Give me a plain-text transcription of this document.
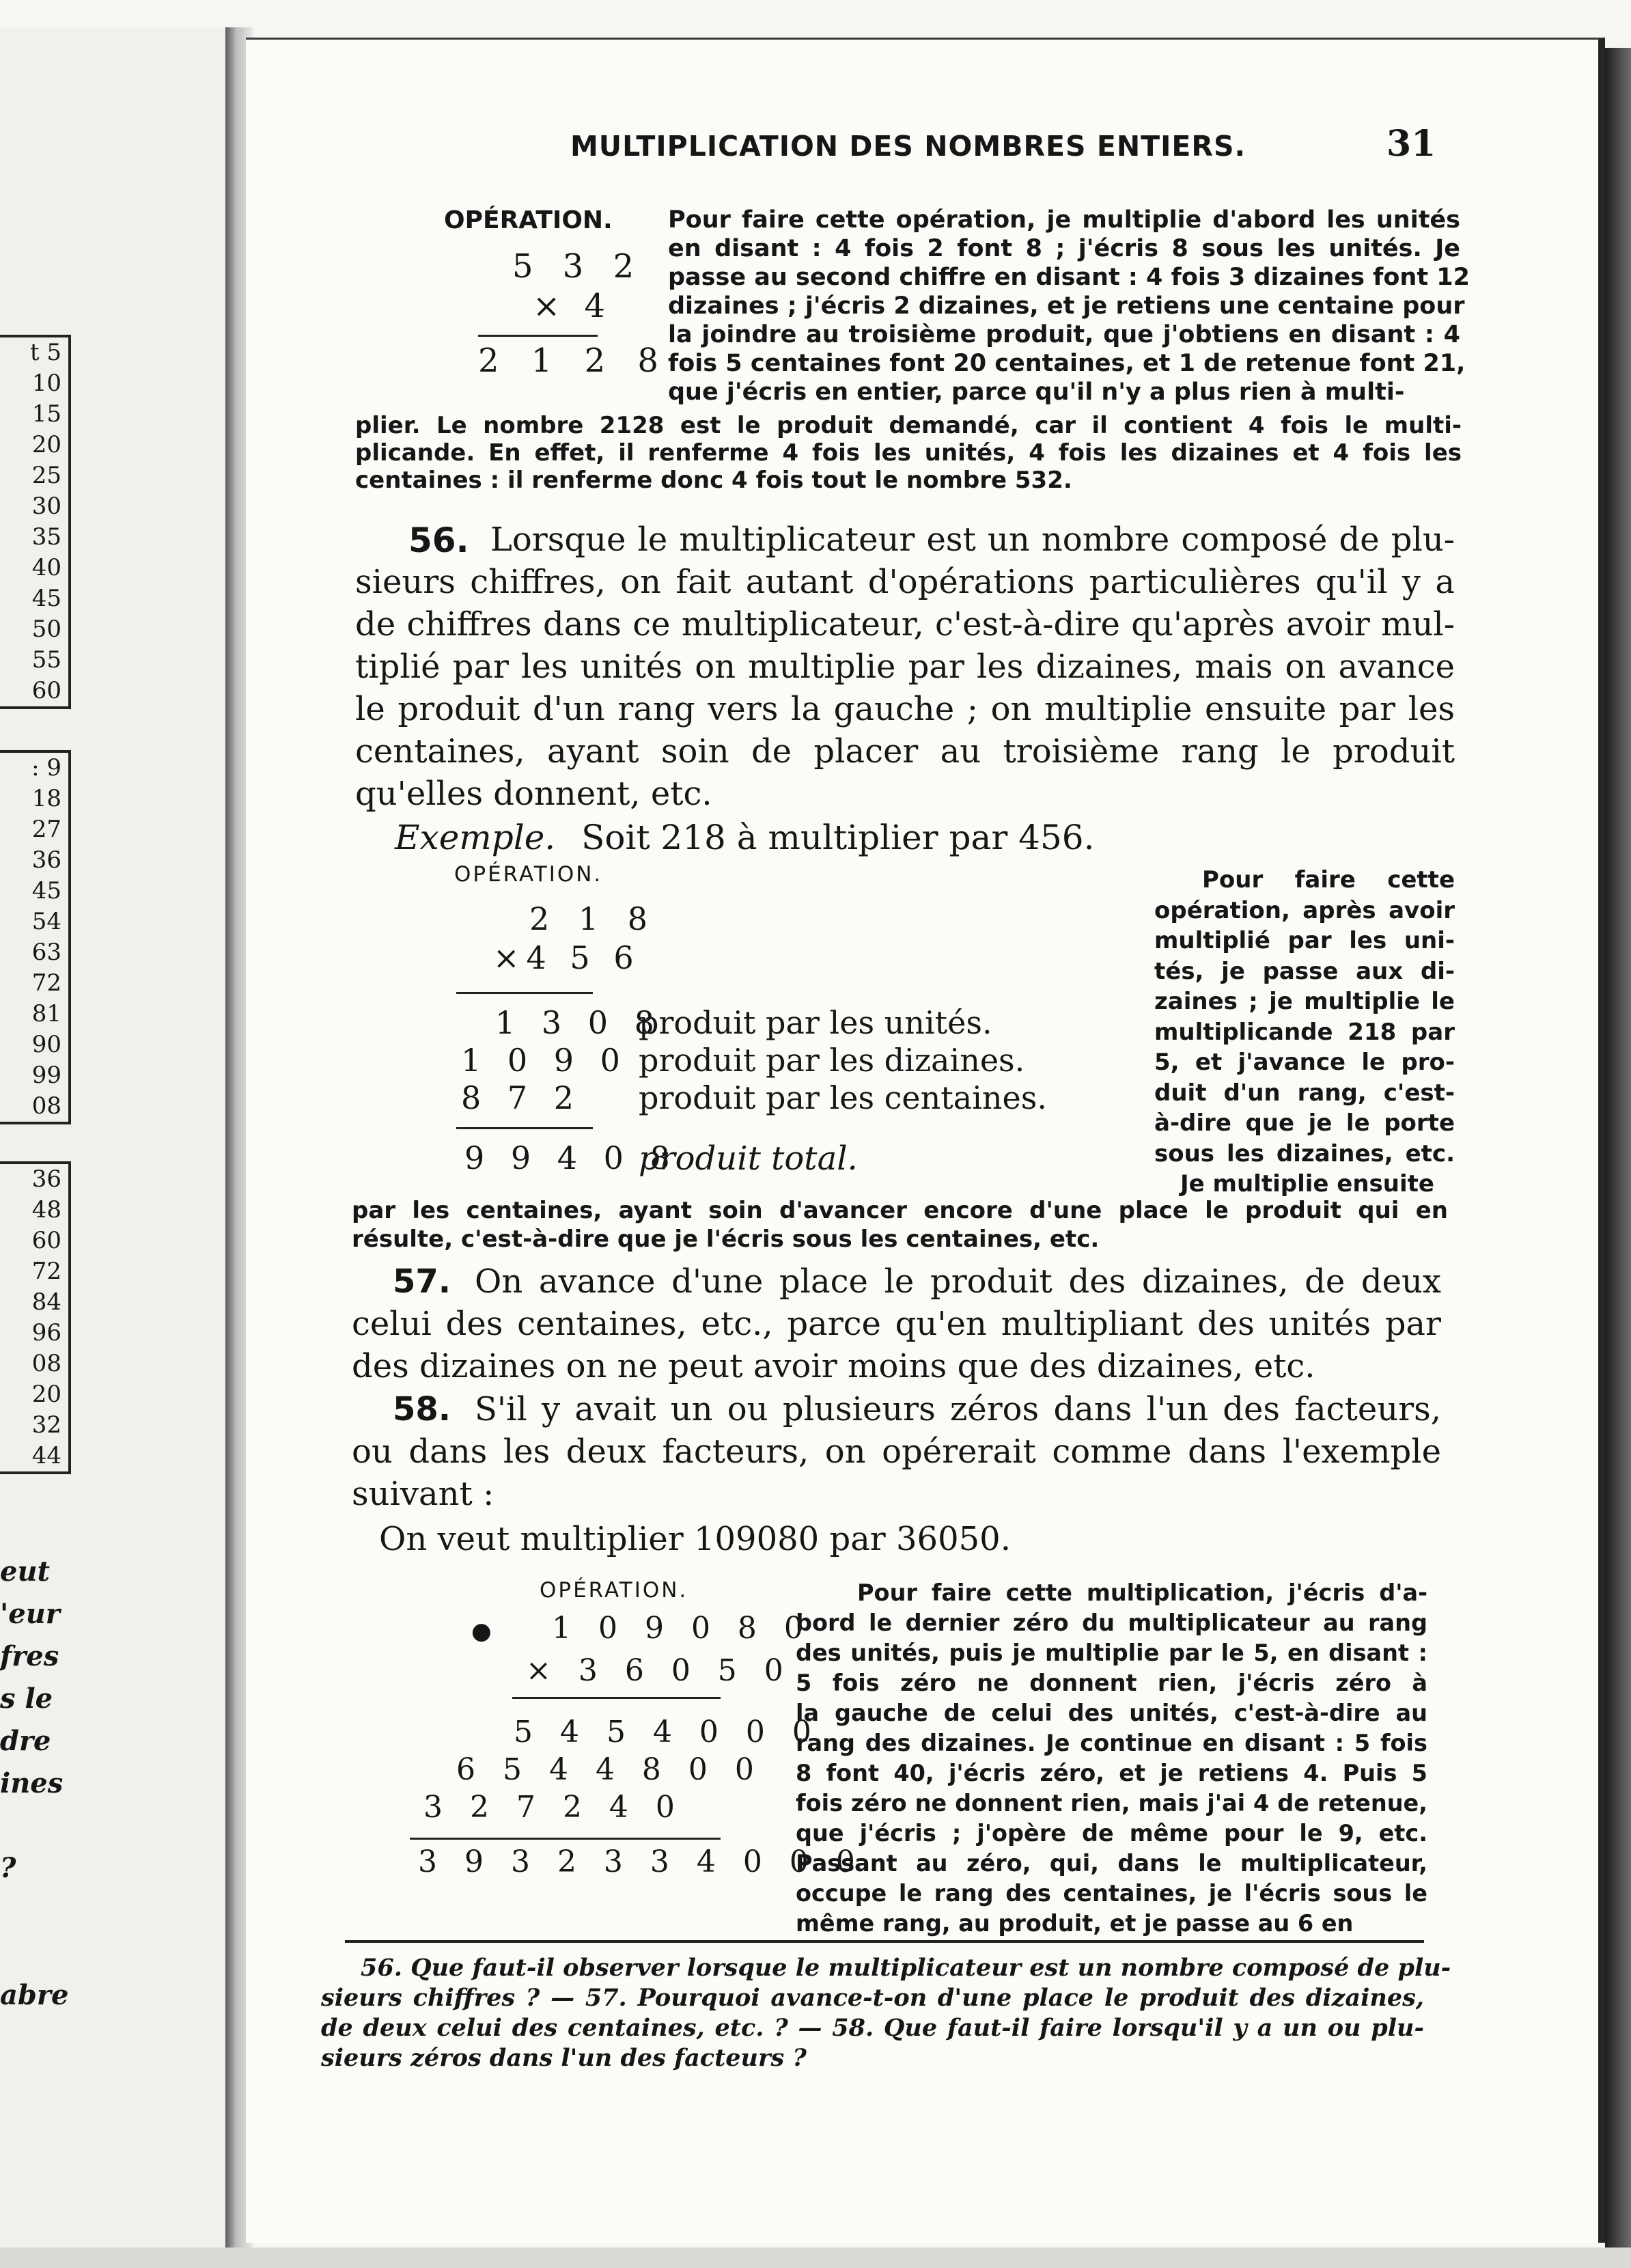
t 5
10
15
20
25
30
35
40
45
50
55
60
: 9
18
27
36
45
54
63
72
81
90
99
08
36
48
60
72
84
96
08
20
32
44
eut
'eur
fres
s le
dre
ines
?
abre
MULTIPLICATION DES NOMBRES ENTIERS.	31
OPÉRATION.
5 3 2
× 4
2 1 2 8
Pour faire cette opération, je multiplie d'abord les unités
en disant : 4 fois 2 font 8 ; j'écris 8 sous les unités. Je
passe au second chiffre en disant : 4 fois 3 dizaines font 12
dizaines ; j'écris 2 dizaines, et je retiens une centaine pour
la joindre au troisième produit, que j'obtiens en disant : 4
fois 5 centaines font 20 centaines, et 1 de retenue font 21,
que j'écris en entier, parce qu'il n'y a plus rien à multi-
plier. Le nombre 2128 est le produit demandé, car il contient 4 fois le multi-
plicande. En effet, il renferme 4 fois les unités, 4 fois les dizaines et 4 fois les
centaines : il renferme donc 4 fois tout le nombre 532.
56. Lorsque le multiplicateur est un nombre composé de plu-
sieurs chiffres, on fait autant d'opérations particulières qu'il y a
de chiffres dans ce multiplicateur, c'est-à-dire qu'après avoir mul-
tiplié par les unités on multiplie par les dizaines, mais on avance
le produit d'un rang vers la gauche ; on multiplie ensuite par les
centaines, ayant soin de placer au troisième rang le produit
qu'elles donnent, etc.
Exemple. Soit 218 à multiplier par 456.
OPÉRATION.
2 1 8
×4 5 6
1 3 0 8
produit par les unités.
1 0 9 0 produit par les dizaines.
8 7 2 produit par les centaines.
9 9 4 0 8
produit total.
Pour faire cette
opération, après avoir
multiplié par les uni-
tés, je passe aux di-
zaines ; je multiplie le
multiplicande 218 par
5, et j'avance le pro-
duit d'un rang, c'est-
à-dire que je le porte
sous les dizaines, etc.
Je multiplie ensuite
par les centaines, ayant soin d'avancer encore d'une place le produit qui en
résulte, c'est-à-dire que je l'écris sous les centaines, etc.
57. On avance d'une place le produit des dizaines, de deux
celui des centaines, etc., parce qu'en multipliant des unités par
des dizaines on ne peut avoir moins que des dizaines, etc.
58. S'il y avait un ou plusieurs zéros dans l'un des facteurs,
ou dans les deux facteurs, on opérerait comme dans l'exemple
suivant :
On veut multiplier 109080 par 36050.
OPÉRATION.
● 1 0 9 0 8 0
× 3 6 0 5 0
5 4 5 4 0 0 0
6 5 4 4 8 0 0
3 2 7 2 4 0
3 9 3 2 3 3 4 0 0 0
Pour faire cette multiplication, j'écris d'a-
bord le dernier zéro du multiplicateur au rang
des unités, puis je multiplie par le 5, en disant :
5 fois zéro ne donnent rien, j'écris zéro à
la gauche de celui des unités, c'est-à-dire au
rang des dizaines. Je continue en disant : 5 fois
8 font 40, j'écris zéro, et je retiens 4. Puis 5
fois zéro ne donnent rien, mais j'ai 4 de retenue,
que j'écris ; j'opère de même pour le 9, etc.
Passant au zéro, qui, dans le multiplicateur,
occupe le rang des centaines, je l'écris sous le
même rang, au produit, et je passe au 6 en
56. Que faut-il observer lorsque le multiplicateur est un nombre composé de plu-
sieurs chiffres ? — 57. Pourquoi avance-t-on d'une place le produit des dizaines,
de deux celui des centaines, etc. ? — 58. Que faut-il faire lorsqu'il y a un ou plu-
sieurs zéros dans l'un des facteurs ?
